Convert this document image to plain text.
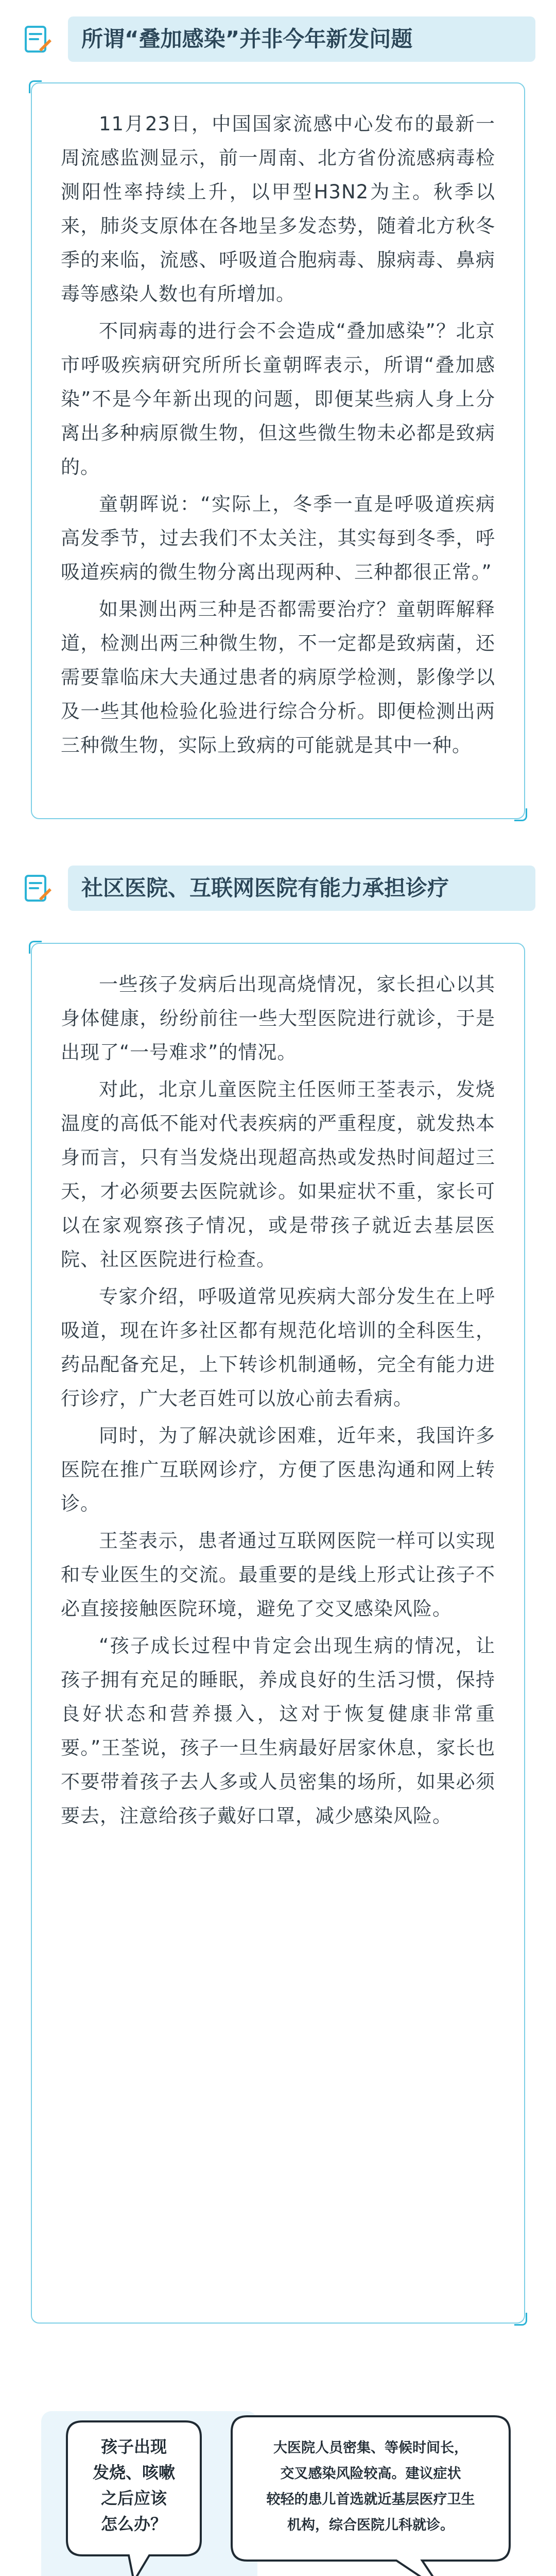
所谓“叠加感染”并非今年新发问题

11月23日，中国国家流感中心发布的最新一周流感监测显示，前一周南、北方省份流感病毒检测阳性率持续上升，以甲型H3N2为主。秋季以来，肺炎支原体在各地呈多发态势，随着北方秋冬季的来临，流感、呼吸道合胞病毒、腺病毒、鼻病毒等感染人数也有所增加。

不同病毒的进行会不会造成“叠加感染”？北京市呼吸疾病研究所所长童朝晖表示，所谓“叠加感染”不是今年新出现的问题，即便某些病人身上分离出多种病原微生物，但这些微生物未必都是致病的。

童朝晖说：“实际上，冬季一直是呼吸道疾病高发季节，过去我们不太关注，其实每到冬季，呼吸道疾病的微生物分离出现两种、三种都很正常。”

如果测出两三种是否都需要治疗？童朝晖解释道，检测出两三种微生物，不一定都是致病菌，还需要靠临床大夫通过患者的病原学检测，影像学以及一些其他检验化验进行综合分析。即便检测出两三种微生物，实际上致病的可能就是其中一种。

社区医院、互联网医院有能力承担诊疗

一些孩子发病后出现高烧情况，家长担心以其身体健康，纷纷前往一些大型医院进行就诊，于是出现了“一号难求”的情况。

对此，北京儿童医院主任医师王荃表示，发烧温度的高低不能对代表疾病的严重程度，就发热本身而言，只有当发烧出现超高热或发热时间超过三天，才必须要去医院就诊。如果症状不重，家长可以在家观察孩子情况，或是带孩子就近去基层医院、社区医院进行检查。

专家介绍，呼吸道常见疾病大部分发生在上呼吸道，现在许多社区都有规范化培训的全科医生，药品配备充足，上下转诊机制通畅，完全有能力进行诊疗，广大老百姓可以放心前去看病。

同时，为了解决就诊困难，近年来，我国许多医院在推广互联网诊疗，方便了医患沟通和网上转诊。

王荃表示，患者通过互联网医院一样可以实现和专业医生的交流。最重要的是线上形式让孩子不必直接接触医院环境，避免了交叉感染风险。

“孩子成长过程中肯定会出现生病的情况，让孩子拥有充足的睡眠，养成良好的生活习惯，保持良好状态和营养摄入，这对于恢复健康非常重要。”王荃说，孩子一旦生病最好居家休息，家长也不要带着孩子去人多或人员密集的场所，如果必须要去，注意给孩子戴好口罩，减少感染风险。

孩子出现
发烧、咳嗽
之后应该
怎么办？
大医院人员密集、等候时间长，
交叉感染风险较高。建议症状
较轻的患儿首选就近基层医疗卫生
机构，综合医院儿科就诊。
